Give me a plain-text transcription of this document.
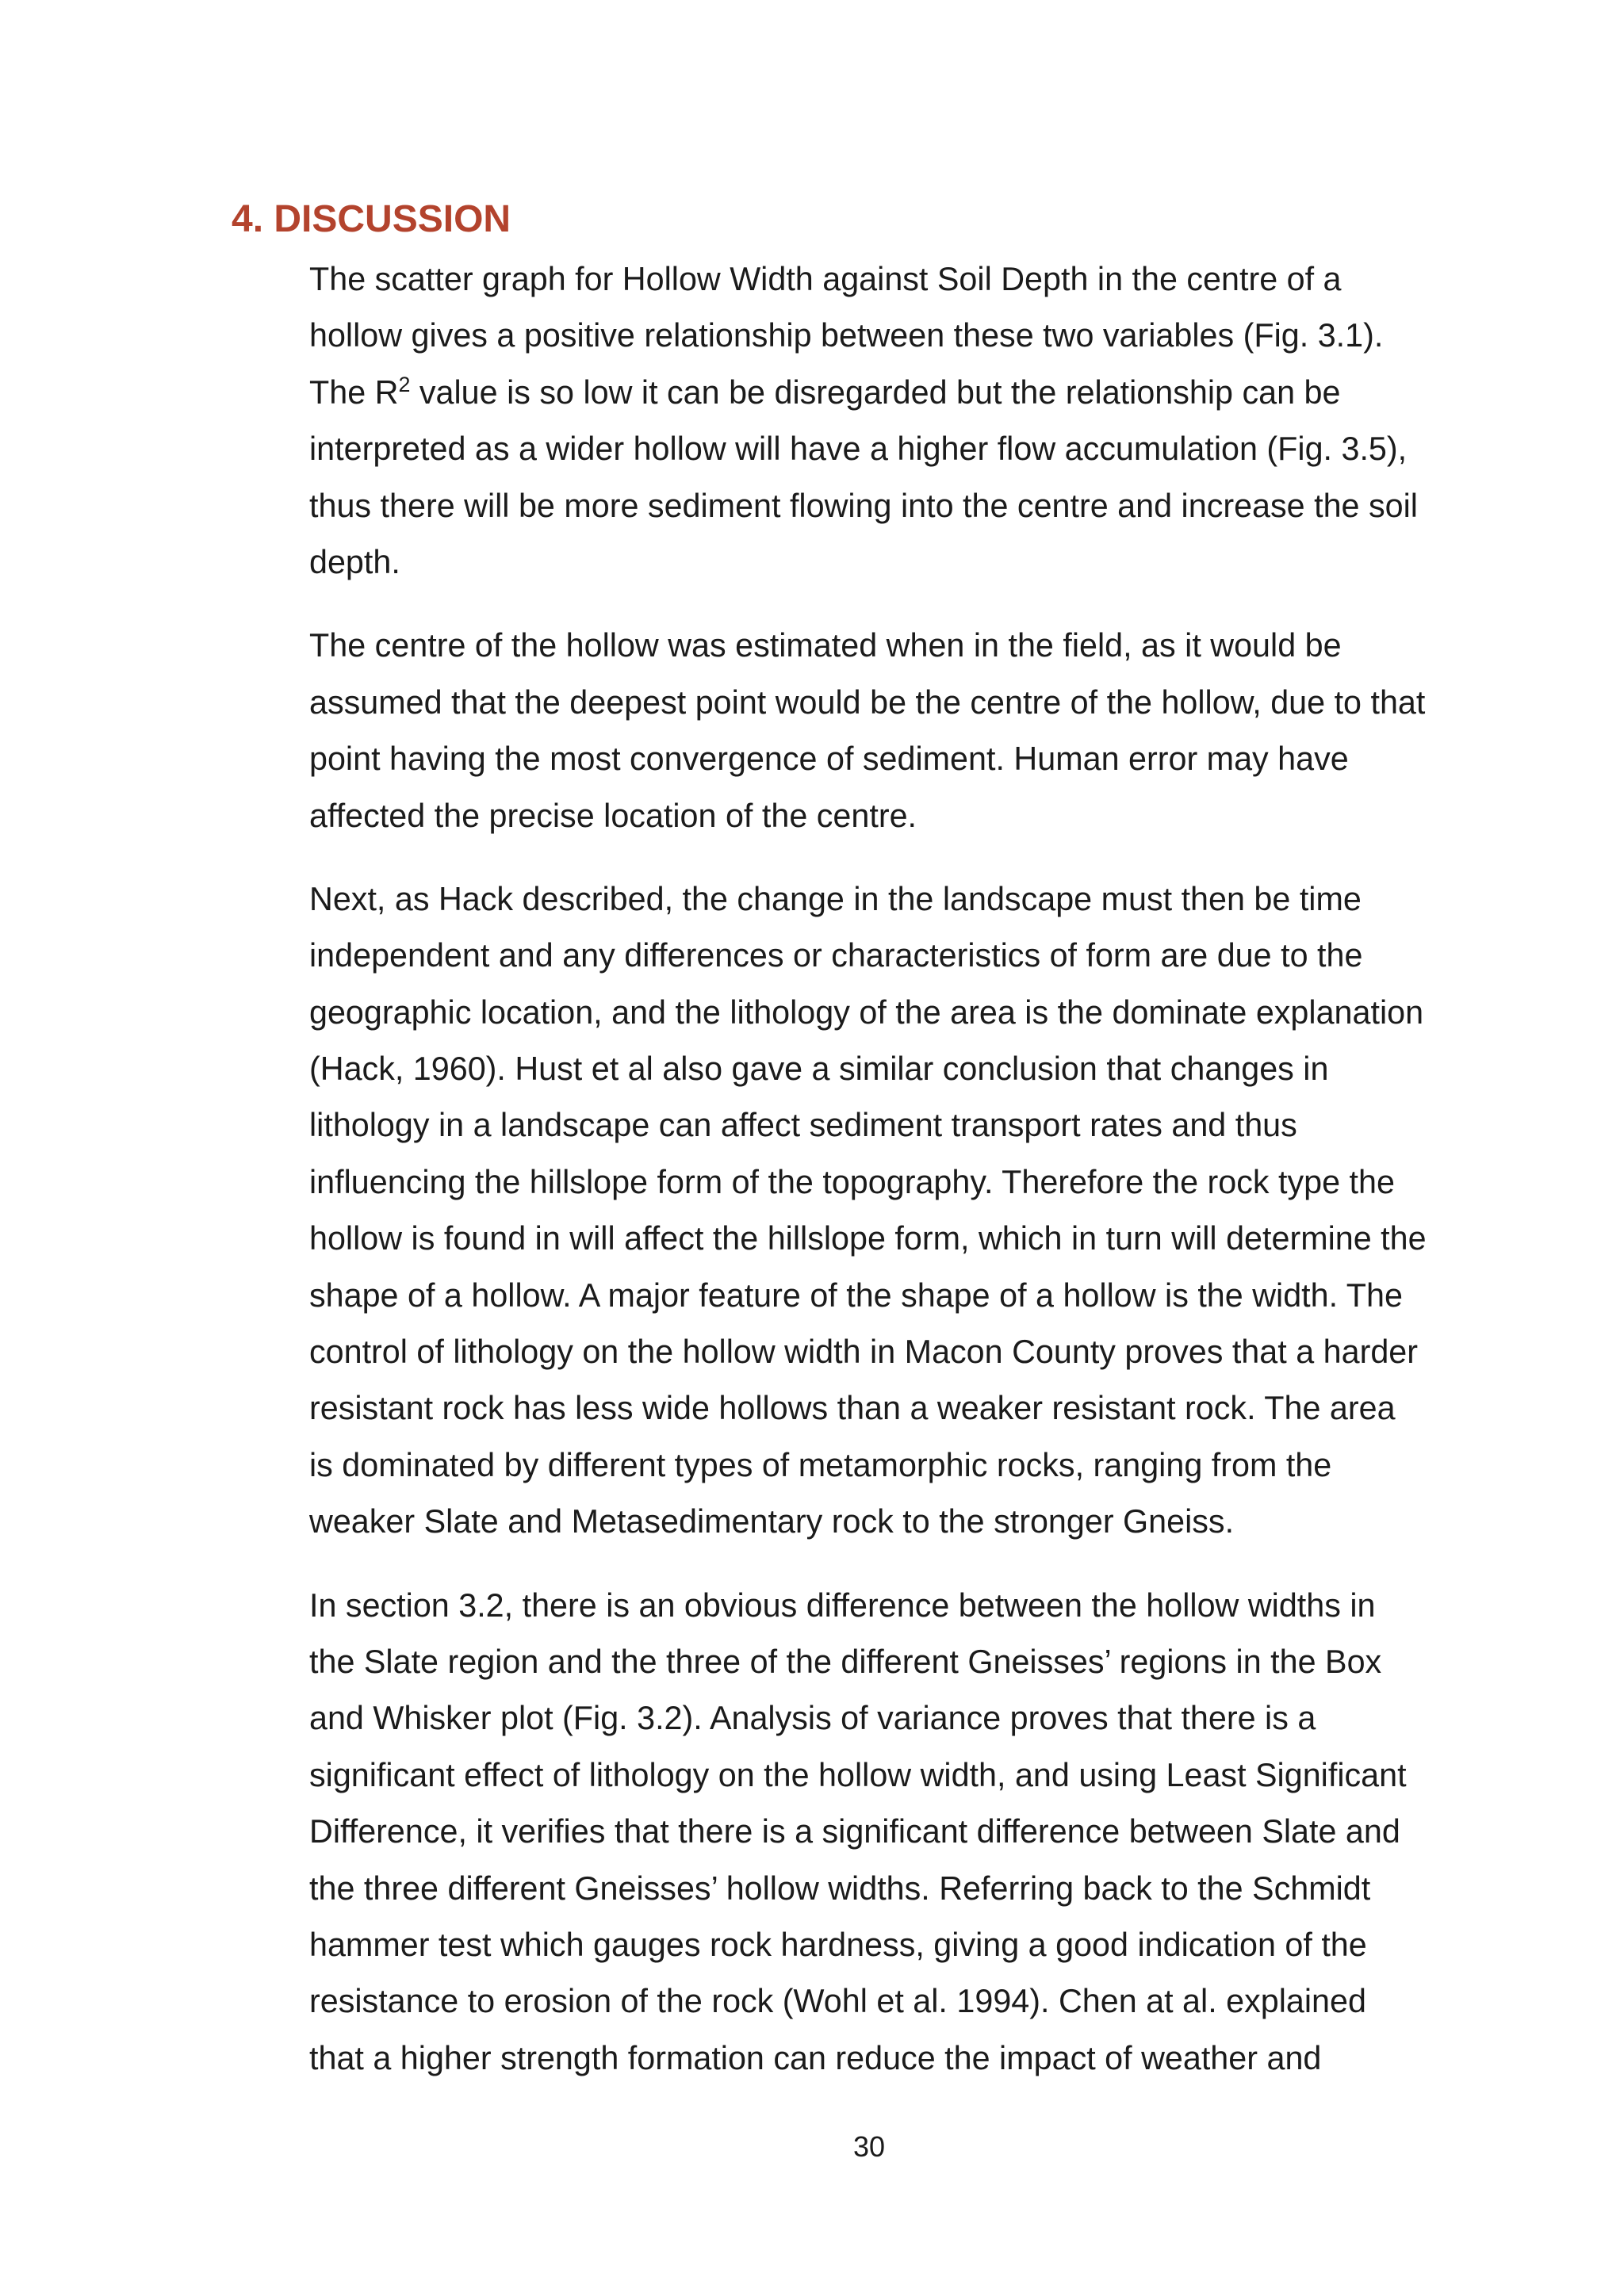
4. DISCUSSION
The scatter graph for Hollow Width against Soil Depth in the centre of a
hollow gives a positive relationship between these two variables (Fig. 3.1).
The $R^2$ value is so low it can be disregarded but the relationship can be
interpreted as a wider hollow will have a higher flow accumulation (Fig. 3.5),
thus there will be more sediment flowing into the centre and increase the soil
depth.
The centre of the hollow was estimated when in the field, as it would be
assumed that the deepest point would be the centre of the hollow, due to that
point having the most convergence of sediment. Human error may have
affected the precise location of the centre.
Next, as Hack described, the change in the landscape must then be time
independent and any differences or characteristics of form are due to the
geographic location, and the lithology of the area is the dominate explanation
(Hack, 1960). Hust et al also gave a similar conclusion that changes in
lithology in a landscape can affect sediment transport rates and thus
influencing the hillslope form of the topography. Therefore the rock type the
hollow is found in will affect the hillslope form, which in turn will determine the
shape of a hollow. A major feature of the shape of a hollow is the width. The
control of lithology on the hollow width in Macon County proves that a harder
resistant rock has less wide hollows than a weaker resistant rock. The area
is dominated by different types of metamorphic rocks, ranging from the
weaker Slate and Metasedimentary rock to the stronger Gneiss.
In section 3.2, there is an obvious difference between the hollow widths in
the Slate region and the three of the different Gneisses’ regions in the Box
and Whisker plot (Fig. 3.2). Analysis of variance proves that there is a
significant effect of lithology on the hollow width, and using Least Significant
Difference, it verifies that there is a significant difference between Slate and
the three different Gneisses’ hollow widths. Referring back to the Schmidt
hammer test which gauges rock hardness, giving a good indication of the
resistance to erosion of the rock (Wohl et al. 1994). Chen at al. explained
that a higher strength formation can reduce the impact of weather and
30
